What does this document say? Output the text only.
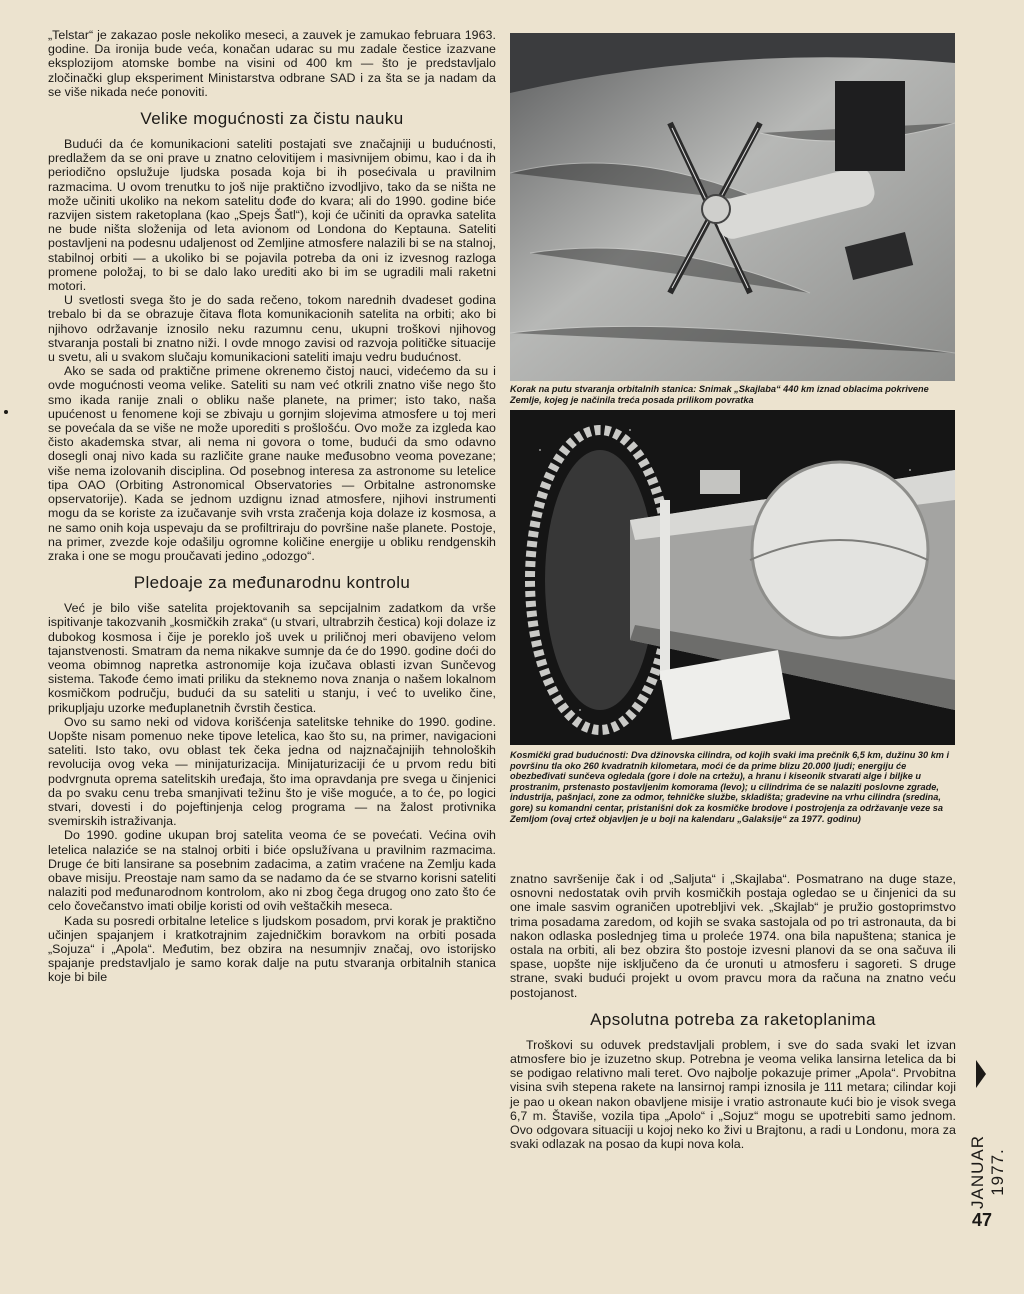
„Telstar“ je zakazao posle nekoliko meseci, a zauvek je zamukao februara 1963. godine. Da ironija bude veća, konačan udarac su mu zadale čestice izazvane eksplozijom atomske bombe na visini od 400 km — što je predstavljalo zločinački glup eksperiment Ministarstva odbrane SAD i za šta se ja nadam da se više nikada neće ponoviti.

Velike mogućnosti za čistu nauku

Budući da će komunikacioni sateliti postajati sve značajniji u budućnosti, predlažem da se oni prave u znatno celovitijem i masivnijem obimu, kao i da ih periodično opslužuje ljudska posada koja bi ih posećivala u pravilnim razmacima. U ovom trenutku to još nije praktično izvodljivo, tako da se ništa ne može učiniti ukoliko na nekom satelitu dođe do kvara; ali do 1990. godine biće razvijen sistem raketoplana (kao „Spejs Šatl“), koji će učiniti da opravka satelita ne bude ništa složenija od leta avionom od Londona do Keptauna. Sateliti postavljeni na podesnu udaljenost od Zemljine atmosfere nalazili bi se na stalnoj, stabilnoj orbiti — a ukoliko bi se pojavila potreba da oni iz izvesnog razloga promene položaj, to bi se dalo lako urediti ako bi im se ugradili mali raketni motori.

U svetlosti svega što je do sada rečeno, tokom narednih dvadeset godina trebalo bi da se obrazuje čitava flota komunikacionih satelita na orbiti; ako bi njihovo održavanje iznosilo neku razumnu cenu, ukupni troškovi njihovog stvaranja postali bi znatno niži. I ovde mnogo zavisi od razvoja političke situacije u svetu, ali u svakom slučaju komunikacioni sateliti imaju vedru budućnost.

Ako se sada od praktične primene okrenemo čistoj nauci, videćemo da su i ovde mogućnosti veoma velike. Sateliti su nam već otkrili znatno više nego što smo ikada ranije znali o obliku naše planete, na primer; isto tako, naša upućenost u fenomene koji se zbivaju u gornjim slojevima atmosfere u toj meri se povećala da se više ne može uporediti s prošlošću. Ovo može za izgleda kao čisto akademska stvar, ali nema ni govora o tome, budući da smo odavno dosegli onaj nivo kada su različite grane nauke međusobno veoma povezane; više nema izolovanih disciplina. Od posebnog interesa za astronome su letelice tipa OAO (Orbiting Astronomical Observatories — Orbitalne astronomske opservatorije). Kada se jednom uzdignu iznad atmosfere, njihovi instrumenti mogu da se koriste za izučavanje svih vrsta zračenja koja dolaze iz kosmosa, a ne samo onih koja uspevaju da se profiltriraju do površine naše planete. Postoje, na primer, zvezde koje odašilju ogromne količine energije u obliku rendgenskih zraka i one se mogu proučavati jedino „odozgo“.

Pledoaje za međunarodnu kontrolu

Već je bilo više satelita projektovanih sa sepcijalnim zadatkom da vrše ispitivanje takozvanih „kosmičkih zraka“ (u stvari, ultrabrzih čestica) koji dolaze iz dubokog kosmosa i čije je poreklo još uvek u priličnoj meri obavijeno velom tajanstvenosti. Smatram da nema nikakve sumnje da će do 1990. godine doći do veoma obimnog napretka astronomije koja izučava oblasti izvan Sunčevog sistema. Takođe ćemo imati priliku da steknemo nova znanja o našem lokalnom kosmičkom području, budući da su sateliti u stanju, i već to uveliko čine, prikupljaju uzorke međuplanetnih čvrstih čestica.

Ovo su samo neki od vidova korišćenja satelitske tehnike do 1990. godine. Uopšte nisam pomenuo neke tipove letelica, kao što su, na primer, navigacioni sateliti. Isto tako, ovu oblast tek čeka jedna od najznačajnijih tehnoloških revolucija ovog veka — minijaturizacija. Minijaturizaciji će u prvom redu biti podvrgnuta oprema satelitskih uređaja, što ima opravdanja pre svega u činjenici da po svaku cenu treba smanjivati težinu što je više moguće, a to će, po logici stvari, dovesti i do pojeftinjenja celog programa — na žalost protivnika svemirskih istraživanja.

Do 1990. godine ukupan broj satelita veoma će se povećati. Većina ovih letelica nalaziće se na stalnoj orbiti i biće opslužívana u pravilnim razmacima. Druge će biti lansirane sa posebnim zadacima, a zatim vraćene na Zemlju kada obave misiju. Preostaje nam samo da se nadamo da će se stvarno korisni sateliti nalaziti pod međunarodnom kontrolom, ako ni zbog čega drugog ono zato što će celo čovečanstvo imati obilje koristi od ovih veštačkih meseca.

Kada su posredi orbitalne letelice s ljudskom posadom, prvi korak je praktično učinjen spajanjem i kratkotrajnim zajedničkim boravkom na orbiti posada „Sojuza“ i „Apola“. Međutim, bez obzira na nesumnjiv značaj, ovo istorijsko spajanje predstavljalo je samo korak dalje na putu stvaranja orbitalnih stanica koje bi bile

Korak na putu stvaranja orbitalnih stanica: Snimak „Skajlaba“ 440 km iznad oblacima pokrivene Zemlje, kojeg je načinila treća posada prilikom povratka

Kosmički grad budućnosti: Dva džinovska cilindra, od kojih svaki ima prečnik 6,5 km, dužinu 30 km i površinu tla oko 260 kvadratnih kilometara, moći će da prime blizu 20.000 ljudi; energiju će obezbeđivati sunčeva ogledala (gore i dole na crtežu), a hranu i kiseonik stvarati alge i biljke u prostranim, prstenasto postavljenim komorama (levo); u cilindrima će se nalaziti poslovne zgrade, industrija, pašnjaci, zone za odmor, tehničke službe, skladišta; gradevine na vrhu cilindra (sredina, gore) su komandni centar, pristanišni dok za kosmičke brodove i postrojenja za održavanje veze sa Zemljom (ovaj crtež objavljen je u boji na kalendaru „Galaksije“ za 1977. godinu)

znatno savršenije čak i od „Saljuta“ i „Skajlaba“. Posmatrano na duge staze, osnovni nedostatak ovih prvih kosmičkih postaja ogledao se u činjenici da su one imale sasvim ograničen upotrebljivi vek. „Skajlab“ je pružio gostoprimstvo trima posadama zaredom, od kojih se svaka sastojala od po tri astronauta, da bi nakon odlaska poslednjeg tima u proleće 1974. ona bila napuštena; stanica je ostala na orbiti, ali bez obzira što postoje izvesni planovi da se ona sačuva ili spase, uopšte nije isključeno da će uronuti u atmosferu i sagoreti. S druge strane, svaki budući projekt u ovom pravcu mora da računa na znatno veću postojanost.

Apsolutna potreba za raketoplanima

Troškovi su oduvek predstavljali problem, i sve do sada svaki let izvan atmosfere bio je izuzetno skup. Potrebna je veoma velika lansirna letelica da bi se podigao relativno mali teret. Ovo najbolje pokazuje primer „Apola“. Prvobitna visina svih stepena rakete na lansirnoj rampi iznosila je 111 metara; cilindar koji je pao u okean nakon obavljene misije i vratio astronaute kući bio je visok svega 6,7 m. Štaviše, vozila tipa „Apolo“ i „Sojuz“ mogu se upotrebiti samo jednom. Ovo odgovara situaciji u kojoj neko ko živi u Brajtonu, a radi u Londonu, mora za svaki odlazak na posao da kupi nova kola.	JANUAR 1977.
47
